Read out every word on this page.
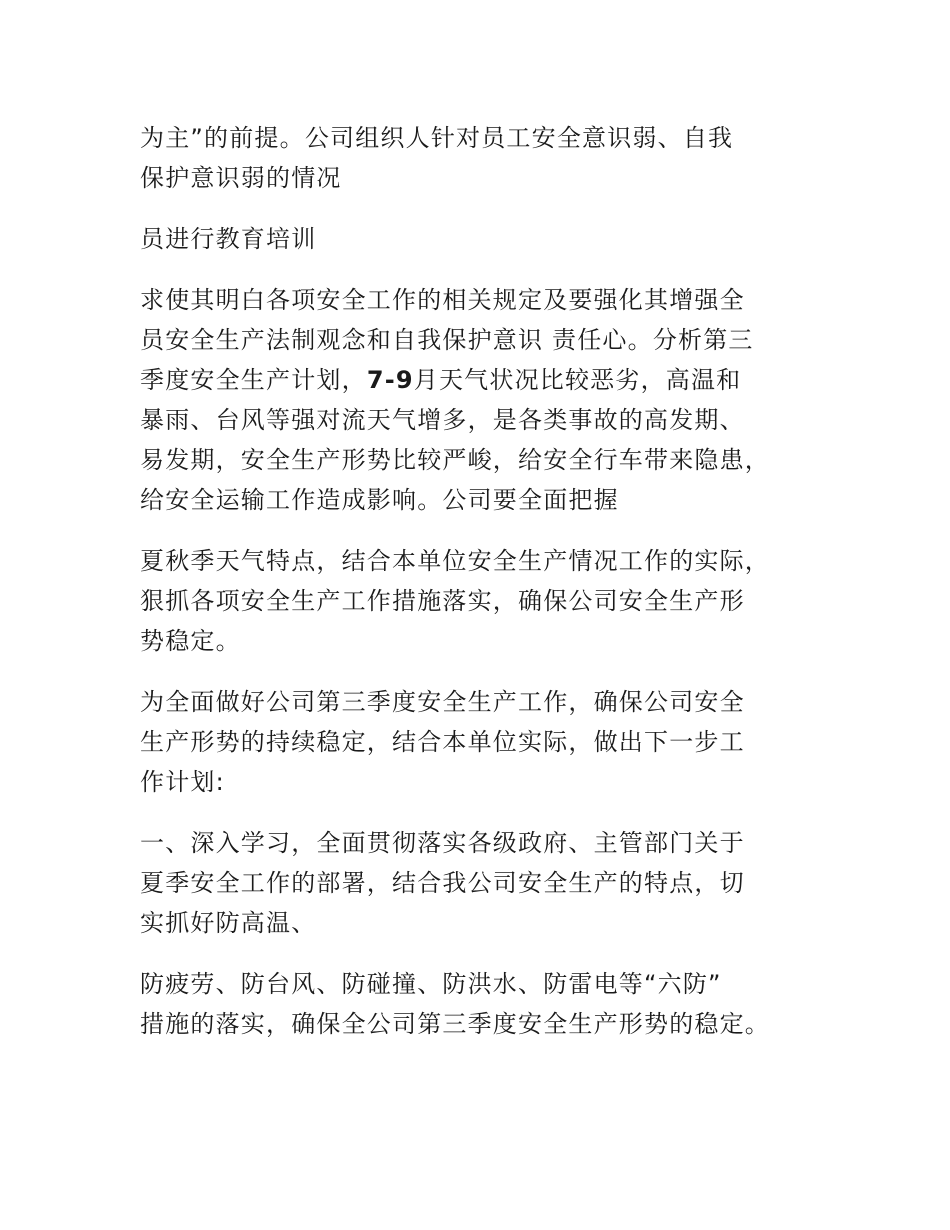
为主”的前提。公司组织人针对员工安全意识弱、自我
保护意识弱的情况

员进行教育培训

求使其明白各项安全工作的相关规定及要强化其增强全
员安全生产法制观念和自我保护意识 责任心。分析第三
季度安全生产计划，7-9月天气状况比较恶劣，高温和
暴雨、台风等强对流天气增多，是各类事故的高发期、
易发期，安全生产形势比较严峻，给安全行车带来隐患，
给安全运输工作造成影响。公司要全面把握

夏秋季天气特点，结合本单位安全生产情况工作的实际，
狠抓各项安全生产工作措施落实，确保公司安全生产形
势稳定。

为全面做好公司第三季度安全生产工作，确保公司安全
生产形势的持续稳定，结合本单位实际，做出下一步工
作计划:

一、深入学习，全面贯彻落实各级政府、主管部门关于
夏季安全工作的部署，结合我公司安全生产的特点，切
实抓好防高温、

防疲劳、防台风、防碰撞、防洪水、防雷电等“六防”
措施的落实，确保全公司第三季度安全生产形势的稳定。
